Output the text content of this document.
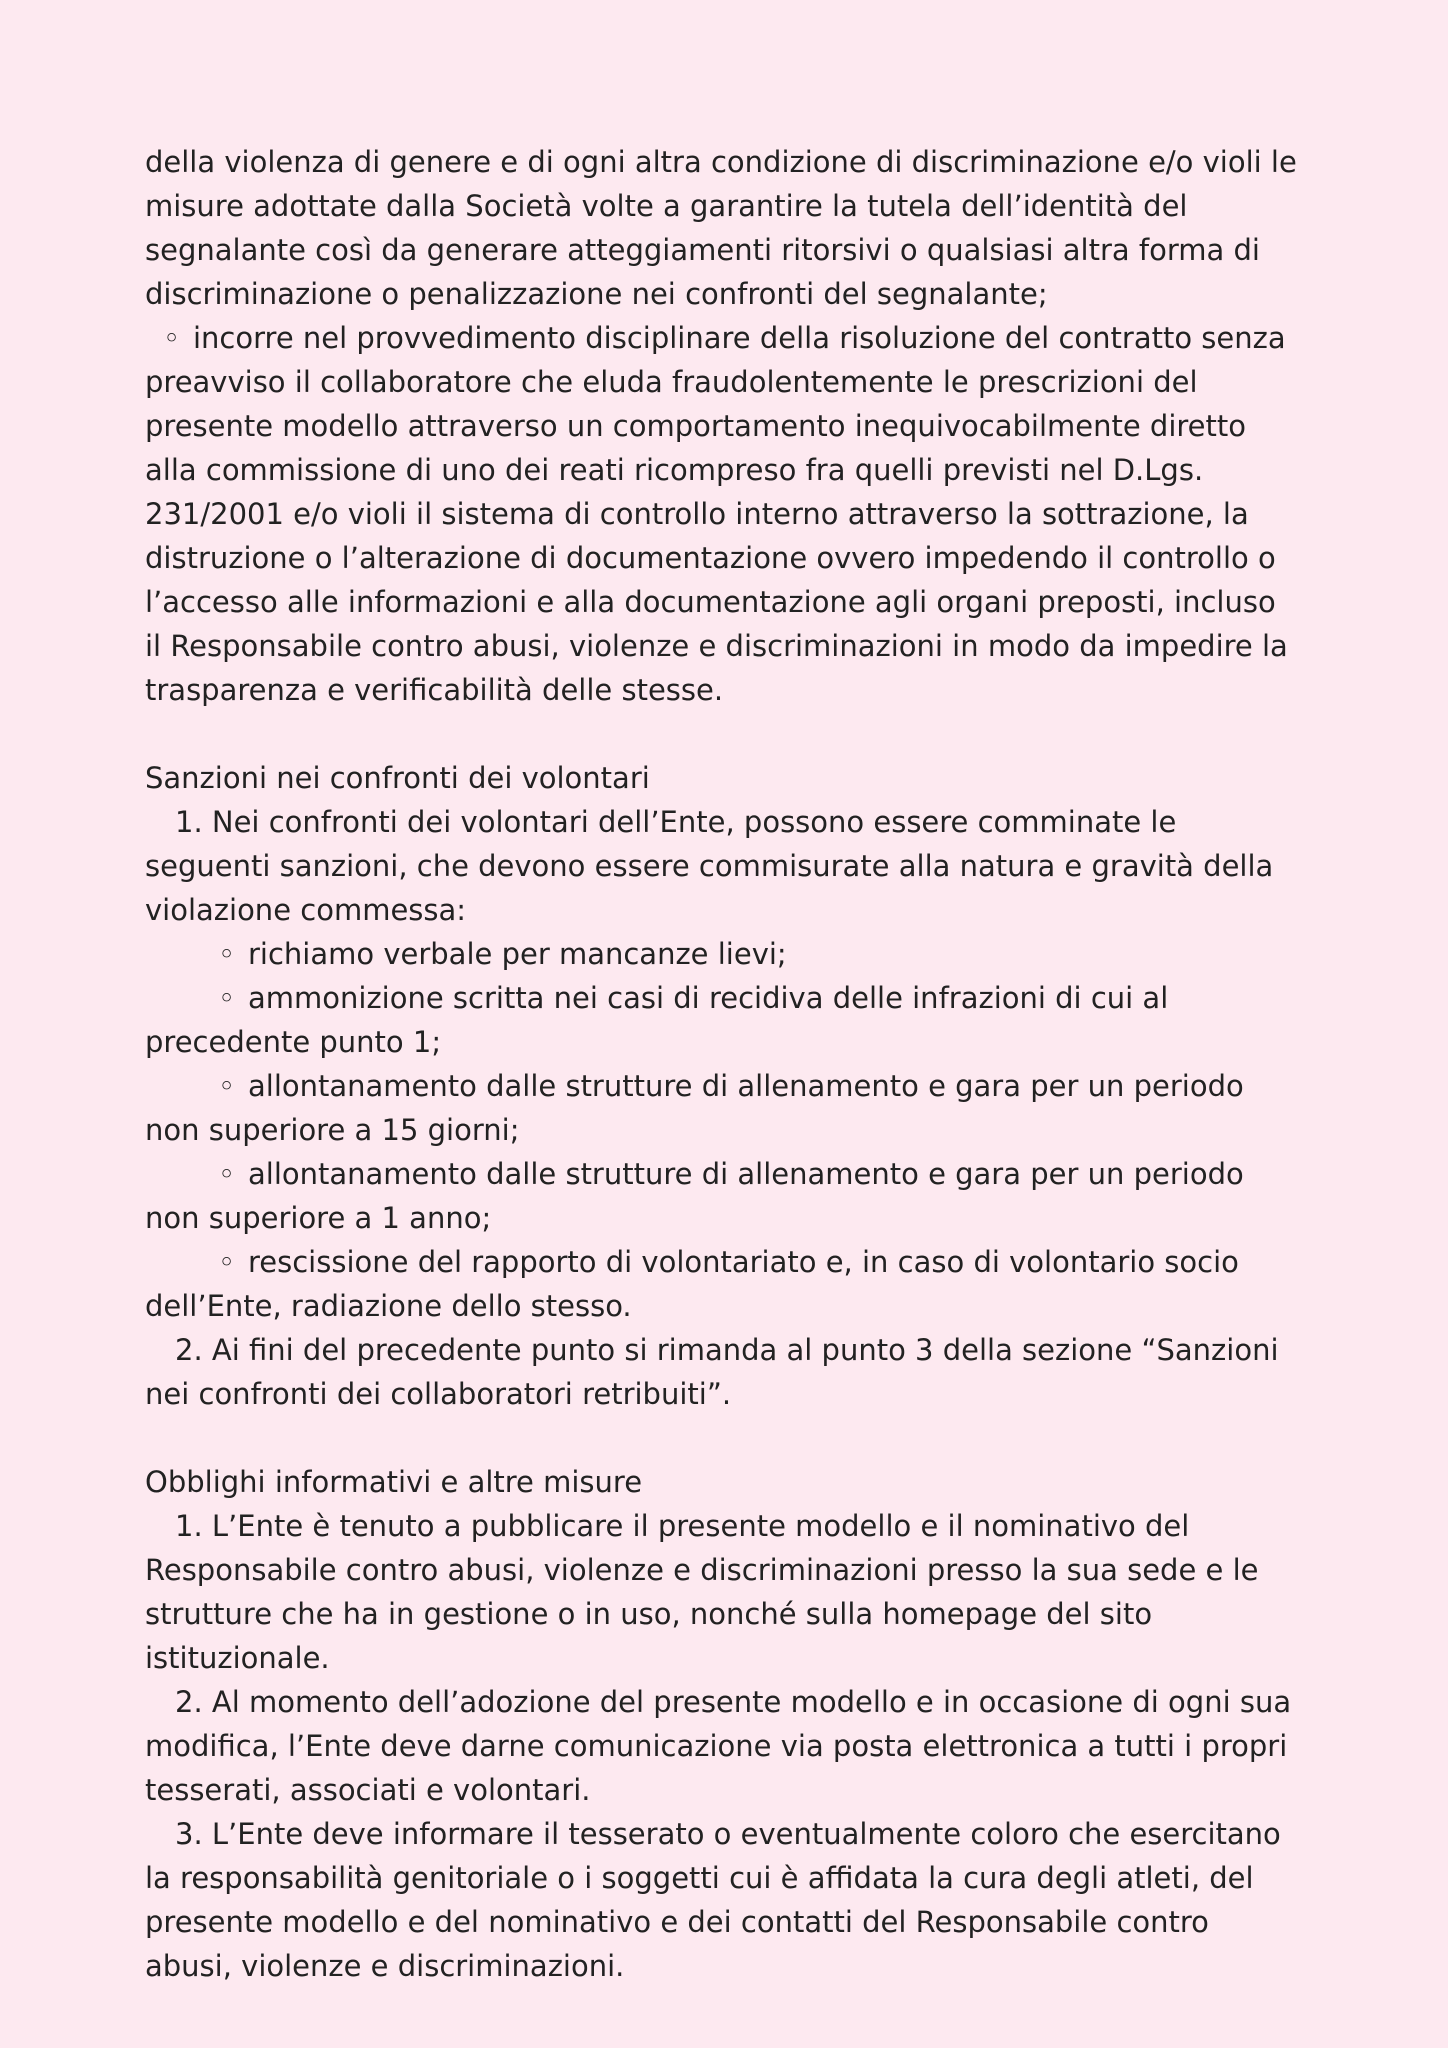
della violenza di genere e di ogni altra condizione di discriminazione e/o violi le
misure adottate dalla Società volte a garantire la tutela dell’identità del
segnalante così da generare atteggiamenti ritorsivi o qualsiasi altra forma di
discriminazione o penalizzazione nei confronti del segnalante;
◦ incorre nel provvedimento disciplinare della risoluzione del contratto senza
preavviso il collaboratore che eluda fraudolentemente le prescrizioni del
presente modello attraverso un comportamento inequivocabilmente diretto
alla commissione di uno dei reati ricompreso fra quelli previsti nel D.Lgs.
231/2001 e/o violi il sistema di controllo interno attraverso la sottrazione, la
distruzione o l’alterazione di documentazione ovvero impedendo il controllo o
l’accesso alle informazioni e alla documentazione agli organi preposti, incluso
il Responsabile contro abusi, violenze e discriminazioni in modo da impedire la
trasparenza e verificabilità delle stesse.
Sanzioni nei confronti dei volontari
1. Nei confronti dei volontari dell’Ente, possono essere comminate le
seguenti sanzioni, che devono essere commisurate alla natura e gravità della
violazione commessa:
◦ richiamo verbale per mancanze lievi;
◦ ammonizione scritta nei casi di recidiva delle infrazioni di cui al
precedente punto 1;
◦ allontanamento dalle strutture di allenamento e gara per un periodo
non superiore a 15 giorni;
◦ allontanamento dalle strutture di allenamento e gara per un periodo
non superiore a 1 anno;
◦ rescissione del rapporto di volontariato e, in caso di volontario socio
dell’Ente, radiazione dello stesso.
2. Ai fini del precedente punto si rimanda al punto 3 della sezione “Sanzioni
nei confronti dei collaboratori retribuiti”.
Obblighi informativi e altre misure
1. L’Ente è tenuto a pubblicare il presente modello e il nominativo del
Responsabile contro abusi, violenze e discriminazioni presso la sua sede e le
strutture che ha in gestione o in uso, nonché sulla homepage del sito
istituzionale.
2. Al momento dell’adozione del presente modello e in occasione di ogni sua
modifica, l’Ente deve darne comunicazione via posta elettronica a tutti i propri
tesserati, associati e volontari.
3. L’Ente deve informare il tesserato o eventualmente coloro che esercitano
la responsabilità genitoriale o i soggetti cui è affidata la cura degli atleti, del
presente modello e del nominativo e dei contatti del Responsabile contro
abusi, violenze e discriminazioni.
